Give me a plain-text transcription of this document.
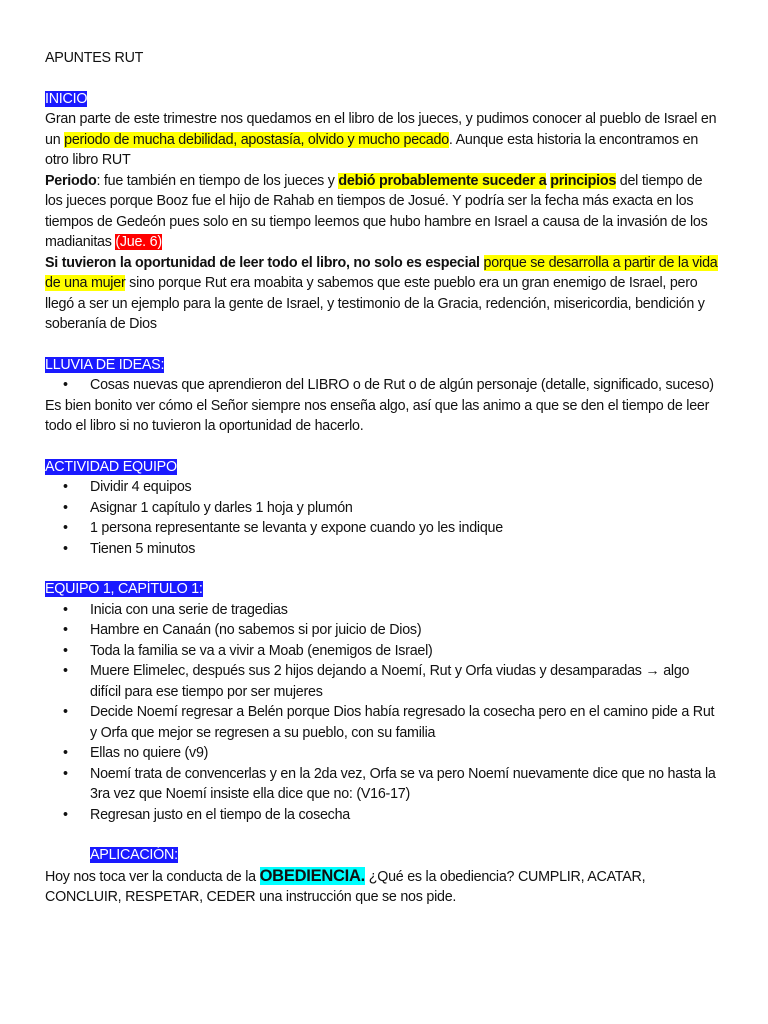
APUNTES RUT

INICIO

Gran parte de este trimestre nos quedamos en el libro de los jueces, y pudimos conocer al pueblo de Israel en un periodo de mucha debilidad, apostasía, olvido y mucho pecado. Aunque esta historia la encontramos en otro libro RUT

Periodo: fue también en tiempo de los jueces y debió probablemente suceder a principios del tiempo de los jueces porque Booz fue el hijo de Rahab en tiempos de Josué. Y podría ser la fecha más exacta en los tiempos de Gedeón pues solo en su tiempo leemos que hubo hambre en Israel a causa de la invasión de los madianitas (Jue. 6)

Si tuvieron la oportunidad de leer todo el libro, no solo es especial porque se desarrolla a partir de la vida de una mujer sino porque Rut era moabita y sabemos que este pueblo era un gran enemigo de Israel, pero llegó a ser un ejemplo para la gente de Israel, y testimonio de la Gracia, redención, misericordia, bendición y soberanía de Dios

LLUVIA DE IDEAS:

• Cosas nuevas que aprendieron del LIBRO o de Rut o de algún personaje (detalle, significado, suceso)

Es bien bonito ver cómo el Señor siempre nos enseña algo, así que las animo a que se den el tiempo de leer todo el libro si no tuvieron la oportunidad de hacerlo.

ACTIVIDAD EQUIPO

• Dividir 4 equipos
• Asignar 1 capítulo y darles 1 hoja y plumón
• 1 persona representante se levanta y expone cuando yo les indique
• Tienen 5 minutos

EQUIPO 1, CAPÍTULO 1:

• Inicia con una serie de tragedias
• Hambre en Canaán (no sabemos si por juicio de Dios)
• Toda la familia se va a vivir a Moab (enemigos de Israel)
• Muere Elimelec, después sus 2 hijos dejando a Noemí, Rut y Orfa viudas y desamparadas → algo difícil para ese tiempo por ser mujeres
• Decide Noemí regresar a Belén porque Dios había regresado la cosecha pero en el camino pide a Rut y Orfa que mejor se regresen a su pueblo, con su familia
• Ellas no quiere (v9)
• Noemí trata de convencerlas y en la 2da vez, Orfa se va pero Noemí nuevamente dice que no hasta la 3ra vez que Noemí insiste ella dice que no: (V16-17)
• Regresan justo en el tiempo de la cosecha

APLICACIÓN:

Hoy nos toca ver la conducta de la OBEDIENCIA. ¿Qué es la obediencia? CUMPLIR, ACATAR, CONCLUIR, RESPETAR, CEDER una instrucción que se nos pide.
